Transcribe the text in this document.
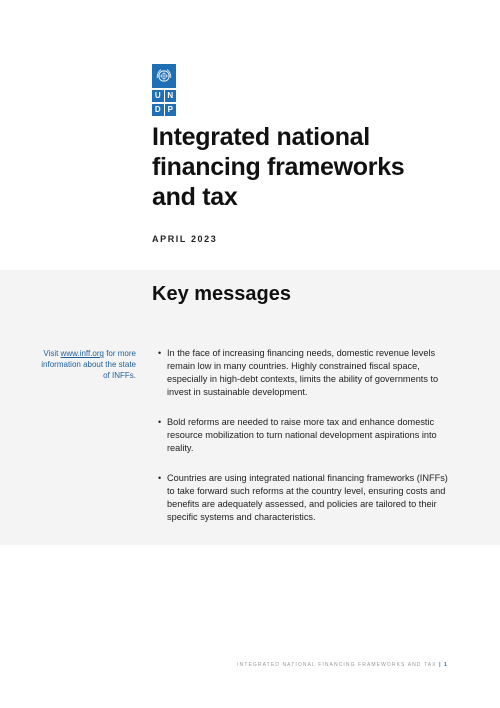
U N
D P
Integrated national financing frameworks and tax
APRIL 2023
Key messages
Visit www.inff.org for more information about the state of INFFs.
• In the face of increasing financing needs, domestic revenue levels remain low in many countries. Highly constrained fiscal space, especially in high-debt contexts, limits the ability of governments to invest in sustainable development.
• Bold reforms are needed to raise more tax and enhance domestic resource mobilization to turn national development aspirations into reality.
• Countries are using integrated national financing frameworks (INFFs) to take forward such reforms at the country level, ensuring costs and benefits are adequately assessed, and policies are tailored to their specific systems and characteristics.
INTEGRATED NATIONAL FINANCING FRAMEWORKS AND TAX | 1
